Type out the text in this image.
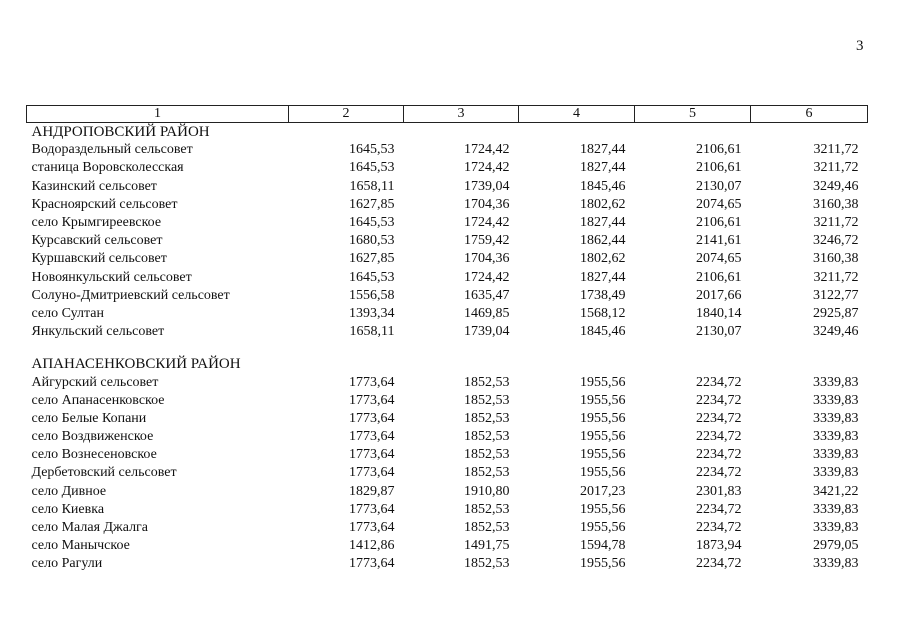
3
1	2	3	4	5	6
АНДРОПОВСКИЙ РАЙОН					
Водораздельный сельсовет	1645,53	1724,42	1827,44	2106,61	3211,72
станица Воровсколесская	1645,53	1724,42	1827,44	2106,61	3211,72
Казинский сельсовет	1658,11	1739,04	1845,46	2130,07	3249,46
Красноярский сельсовет	1627,85	1704,36	1802,62	2074,65	3160,38
село Крымгиреевское	1645,53	1724,42	1827,44	2106,61	3211,72
Курсавский сельсовет	1680,53	1759,42	1862,44	2141,61	3246,72
Куршавский сельсовет	1627,85	1704,36	1802,62	2074,65	3160,38
Новоянкульский сельсовет	1645,53	1724,42	1827,44	2106,61	3211,72
Солуно-Дмитриевский сельсовет	1556,58	1635,47	1738,49	2017,66	3122,77
село Султан	1393,34	1469,85	1568,12	1840,14	2925,87
Янкульский сельсовет	1658,11	1739,04	1845,46	2130,07	3249,46

АПАНАСЕНКОВСКИЙ РАЙОН					
Айгурский сельсовет	1773,64	1852,53	1955,56	2234,72	3339,83
село Апанасенковское	1773,64	1852,53	1955,56	2234,72	3339,83
село Белые Копани	1773,64	1852,53	1955,56	2234,72	3339,83
село Воздвиженское	1773,64	1852,53	1955,56	2234,72	3339,83
село Вознесеновское	1773,64	1852,53	1955,56	2234,72	3339,83
Дербетовский сельсовет	1773,64	1852,53	1955,56	2234,72	3339,83
село Дивное	1829,87	1910,80	2017,23	2301,83	3421,22
село Киевка	1773,64	1852,53	1955,56	2234,72	3339,83
село Малая Джалга	1773,64	1852,53	1955,56	2234,72	3339,83
село Манычское	1412,86	1491,75	1594,78	1873,94	2979,05
село Рагули	1773,64	1852,53	1955,56	2234,72	3339,83
